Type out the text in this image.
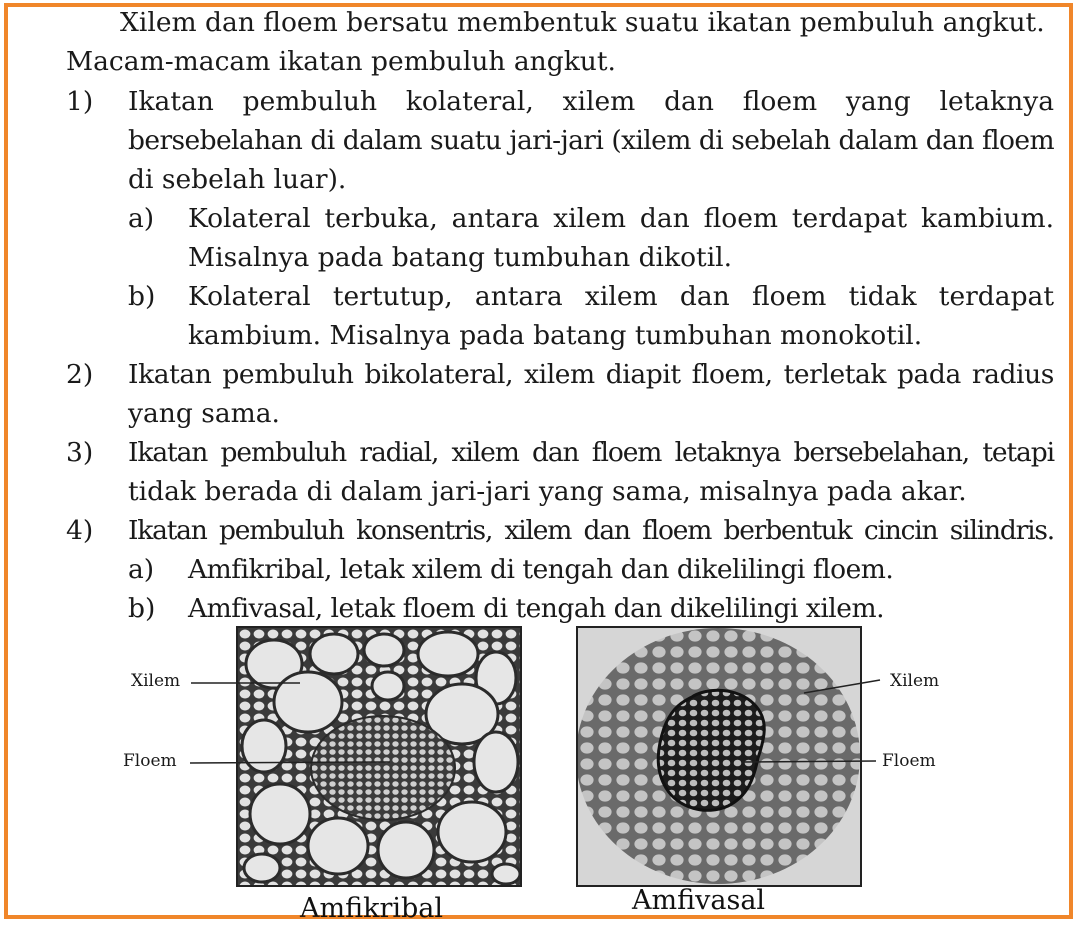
Xilem dan floem bersatu membentuk suatu ikatan pembuluh angkut.
Macam-macam ikatan pembuluh angkut.
1) Ikatan pembuluh kolateral, xilem dan floem yang letaknya
bersebelahan di dalam suatu jari-jari (xilem di sebelah dalam dan floem
di sebelah luar).
a) Kolateral terbuka, antara xilem dan floem terdapat kambium.
Misalnya pada batang tumbuhan dikotil.
b) Kolateral tertutup, antara xilem dan floem tidak terdapat
kambium. Misalnya pada batang tumbuhan monokotil.
2) Ikatan pembuluh bikolateral, xilem diapit floem, terletak pada radius
yang sama.
3) Ikatan pembuluh radial, xilem dan floem letaknya bersebelahan, tetapi
tidak berada di dalam jari-jari yang sama, misalnya pada akar.
4) Ikatan pembuluh konsentris, xilem dan floem berbentuk cincin silindris.
a) Amfikribal, letak xilem di tengah dan dikelilingi floem.
b) Amfivasal, letak floem di tengah dan dikelilingi xilem.
Xilem
Floem
Xilem
Floem
Amfikribal	Amfivasal
